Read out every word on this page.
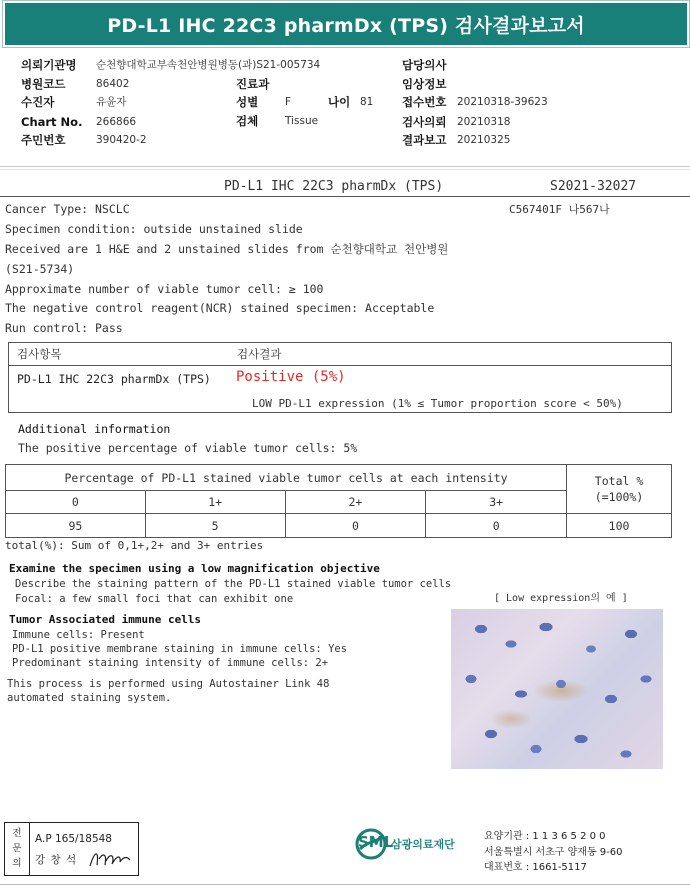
PD-L1 IHC 22C3 pharmDx (TPS) 검사결과보고서
의뢰기관명 순천향대학교부속천안병원병동(과)S21-005734
병원코드	86402	진료과
수진자	유윤자	성별	F	나이 81
Chart No. 266866	검체	Tissue
주민번호	390420-2
담당의사
임상정보
접수번호 20210318-39623
검사의뢰 20210318
결과보고 20210325
PD-L1 IHC 22C3 pharmDx (TPS)	S2021-32027
C567401F 나567나
Cancer Type: NSCLC
Specimen condition: outside unstained slide
Received are 1 H&E and 2 unstained slides from 순천향대학교 천안병원
(S21-5734)
Approximate number of viable tumor cell: ≥ 100
The negative control reagent(NCR) stained specimen: Acceptable
Run control: Pass
검사항목	검사결과
PD-L1 IHC 22C3 pharmDx (TPS) Positive (5%)
LOW PD-L1 expression (1% ≤ Tumor proportion score < 50%)
Additional information
The positive percentage of viable tumor cells: 5%
Percentage of PD-L1 stained viable tumor cells at each intensity				Total %
(=100%)
0	1+	2+	3+	
95	5	0	0	100
total(%): Sum of 0,1+,2+ and 3+ entries
Examine the specimen using a low magnification objective
Describe the staining pattern of the PD-L1 stained viable tumor cells
Focal: a few small foci that can exhibit one	[ Low expression의 예 ]
Tumor Associated immune cells
Immune cells: Present
PD-L1 positive membrane staining in immune cells: Yes
Predominant staining intensity of immune cells: 2+
This process is performed using Autostainer Link 48
automated staining system.
전
문
의
A.P 165/18548
강 창 석
SML
삼광의료재단
요양기관 : 1 1 3 6 5 2 0 0
서울특별시 서초구 양재동 9-60
대표번호 : 1661-5117
